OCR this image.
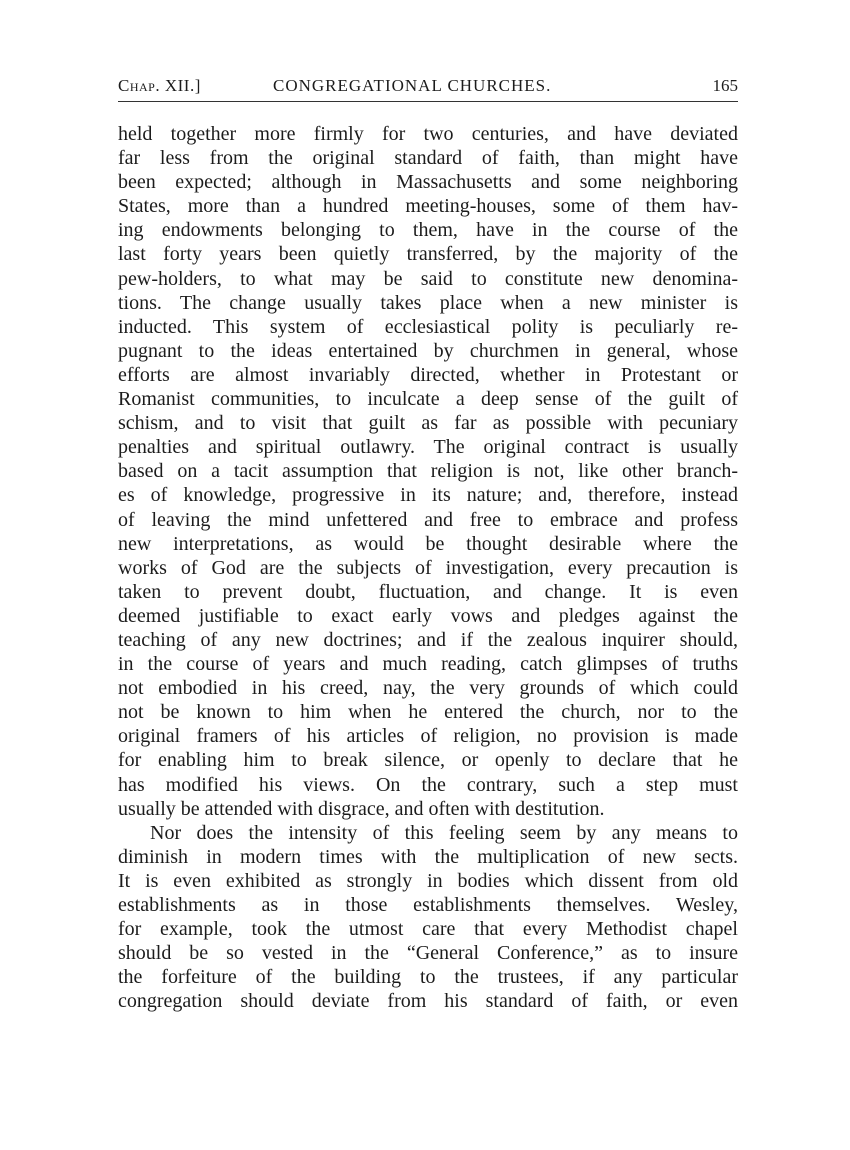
Chap. XII.]	CONGREGATIONAL CHURCHES.	165
held together more firmly for two centuries, and have deviated
far less from the original standard of faith, than might have
been expected; although in Massachusetts and some neighboring
States, more than a hundred meeting-houses, some of them hav-
ing endowments belonging to them, have in the course of the
last forty years been quietly transferred, by the majority of the
pew-holders, to what may be said to constitute new denomina-
tions. The change usually takes place when a new minister is
inducted. This system of ecclesiastical polity is peculiarly re-
pugnant to the ideas entertained by churchmen in general, whose
efforts are almost invariably directed, whether in Protestant or
Romanist communities, to inculcate a deep sense of the guilt of
schism, and to visit that guilt as far as possible with pecuniary
penalties and spiritual outlawry. The original contract is usually
based on a tacit assumption that religion is not, like other branch-
es of knowledge, progressive in its nature; and, therefore, instead
of leaving the mind unfettered and free to embrace and profess
new interpretations, as would be thought desirable where the
works of God are the subjects of investigation, every precaution is
taken to prevent doubt, fluctuation, and change. It is even
deemed justifiable to exact early vows and pledges against the
teaching of any new doctrines; and if the zealous inquirer should,
in the course of years and much reading, catch glimpses of truths
not embodied in his creed, nay, the very grounds of which could
not be known to him when he entered the church, nor to the
original framers of his articles of religion, no provision is made
for enabling him to break silence, or openly to declare that he
has modified his views. On the contrary, such a step must
usually be attended with disgrace, and often with destitution.
Nor does the intensity of this feeling seem by any means to
diminish in modern times with the multiplication of new sects.
It is even exhibited as strongly in bodies which dissent from old
establishments as in those establishments themselves. Wesley,
for example, took the utmost care that every Methodist chapel
should be so vested in the “General Conference,” as to insure
the forfeiture of the building to the trustees, if any particular
congregation should deviate from his standard of faith, or even
